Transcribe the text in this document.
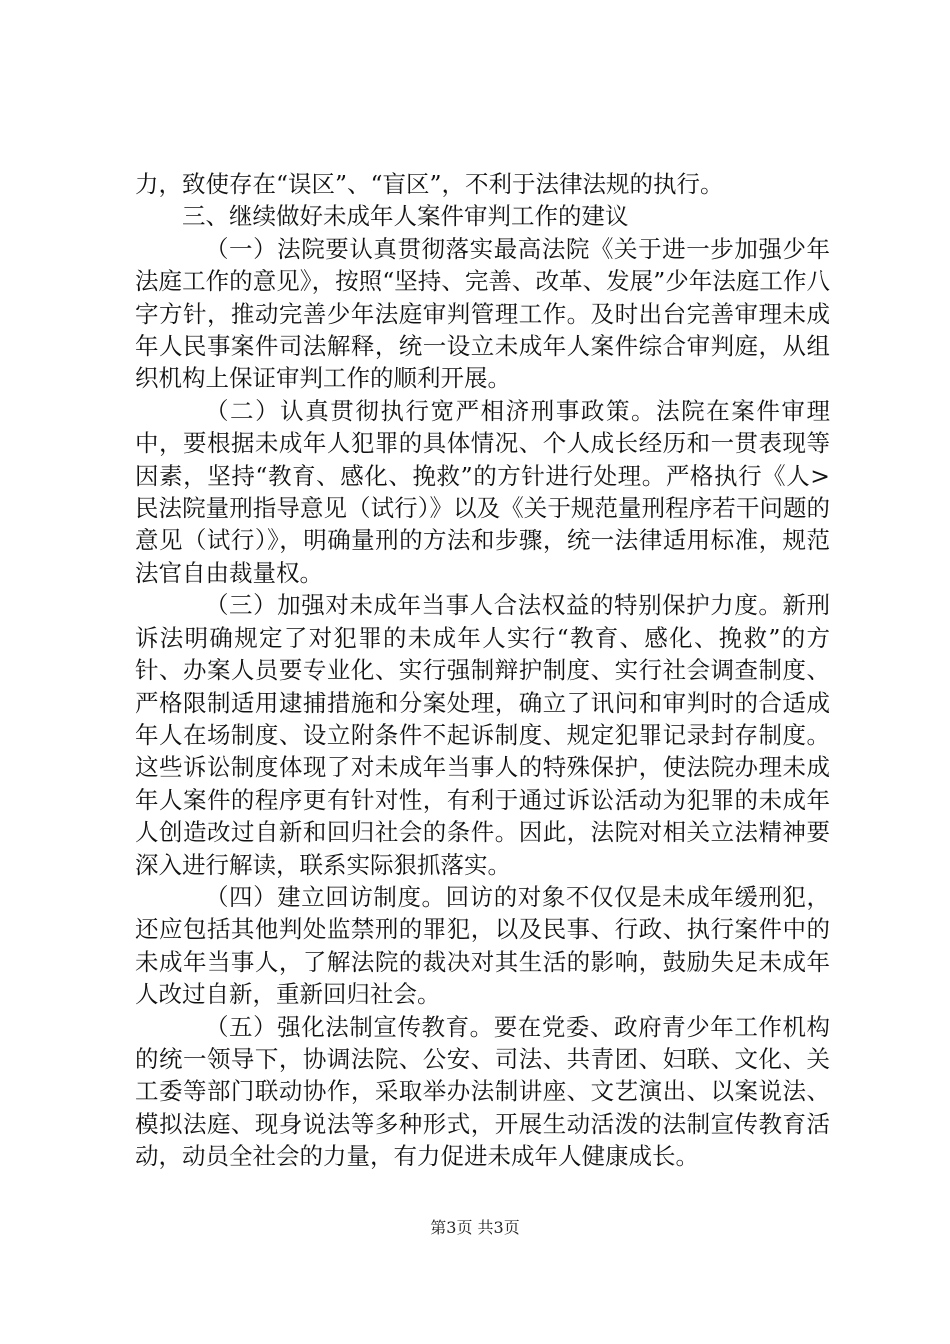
力，致使存在“误区”、“盲区”，不利于法律法规的执行。

三、继续做好未成年人案件审判工作的建议

（一）法院要认真贯彻落实最高法院《关于进一步加强少年法庭工作的意见》，按照“坚持、完善、改革、发展”少年法庭工作八字方针，推动完善少年法庭审判管理工作。及时出台完善审理未成年人民事案件司法解释，统一设立未成年人案件综合审判庭，从组织机构上保证审判工作的顺利开展。

（二）认真贯彻执行宽严相济刑事政策。法院在案件审理中，要根据未成年人犯罪的具体情况、个人成长经历和一贯表现等因素，坚持“教育、感化、挽救”的方针进行处理。严格执行《人>民法院量刑指导意见（试行）》以及《关于规范量刑程序若干问题的意见（试行）》，明确量刑的方法和步骤，统一法律适用标准，规范法官自由裁量权。

（三）加强对未成年当事人合法权益的特别保护力度。新刑诉法明确规定了对犯罪的未成年人实行“教育、感化、挽救”的方针、办案人员要专业化、实行强制辩护制度、实行社会调查制度、严格限制适用逮捕措施和分案处理，确立了讯问和审判时的合适成年人在场制度、设立附条件不起诉制度、规定犯罪记录封存制度。这些诉讼制度体现了对未成年当事人的特殊保护，使法院办理未成年人案件的程序更有针对性，有利于通过诉讼活动为犯罪的未成年人创造改过自新和回归社会的条件。因此，法院对相关立法精神要深入进行解读，联系实际狠抓落实。

（四）建立回访制度。回访的对象不仅仅是未成年缓刑犯，还应包括其他判处监禁刑的罪犯，以及民事、行政、执行案件中的未成年当事人，了解法院的裁决对其生活的影响，鼓励失足未成年人改过自新，重新回归社会。

（五）强化法制宣传教育。要在党委、政府青少年工作机构的统一领导下，协调法院、公安、司法、共青团、妇联、文化、关工委等部门联动协作，采取举办法制讲座、文艺演出、以案说法、模拟法庭、现身说法等多种形式，开展生动活泼的法制宣传教育活动，动员全社会的力量，有力促进未成年人健康成长。

第3页 共3页
